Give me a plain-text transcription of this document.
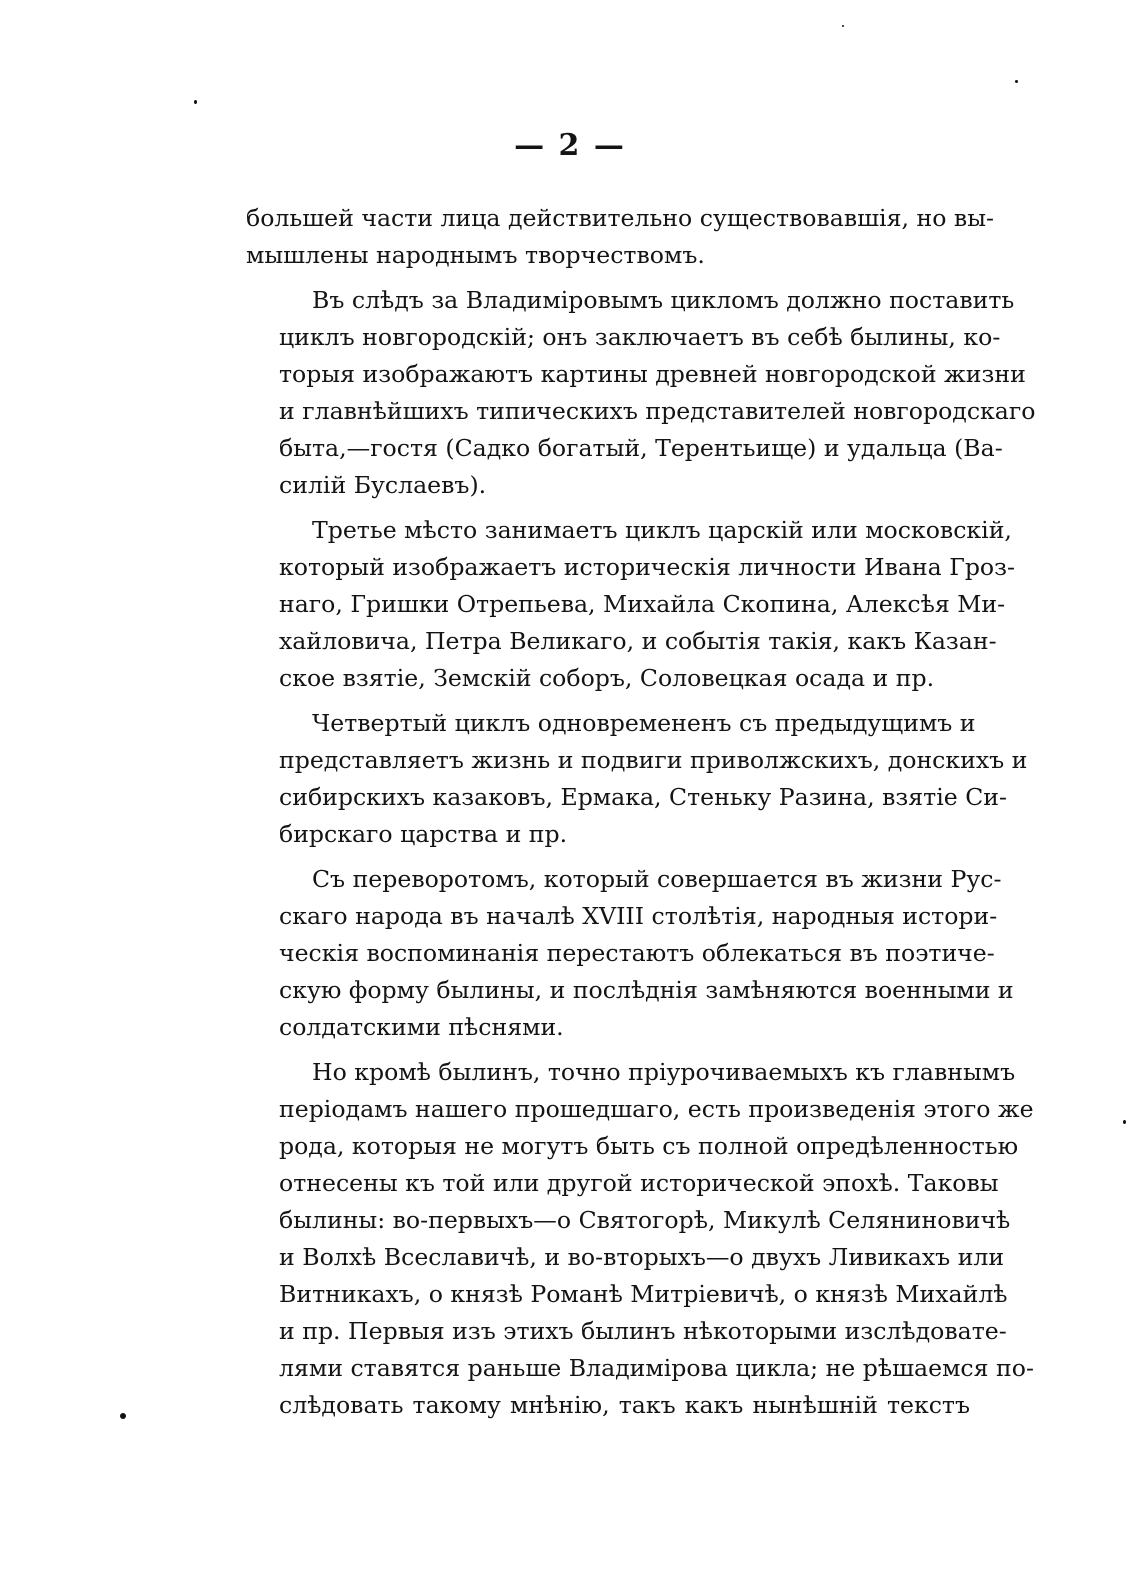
— 2 —

большей части лица действительно существовавшія, но вы-
мышлены народнымъ творчествомъ.

Въ слѣдъ за Владиміровымъ цикломъ должно поставить
циклъ новгородскій; онъ заключаетъ въ себѣ былины, ко-
торыя изображаютъ картины древней новгородской жизни
и главнѣйшихъ типическихъ представителей новгородскаго
быта,—гостя (Садко богатый, Терентьище) и удальца (Ва-
силій Буслаевъ).

Третье мѣсто занимаетъ циклъ царскій или московскій,
который изображаетъ историческія личности Ивана Гроз-
наго, Гришки Отрепьева, Михайла Скопина, Алексѣя Ми-
хайловича, Петра Великаго, и событія такія, какъ Казан-
ское взятіе, Земскій соборъ, Соловецкая осада и пр.

Четвертый циклъ одновремененъ съ предыдущимъ и
представляетъ жизнь и подвиги приволжскихъ, донскихъ и
сибирскихъ казаковъ, Ермака, Стеньку Разина, взятіе Си-
бирскаго царства и пр.

Съ переворотомъ, который совершается въ жизни Рус-
скаго народа въ началѣ XVIII столѣтія, народныя истори-
ческія воспоминанія перестаютъ облекаться въ поэтиче-
скую форму былины, и послѣднія замѣняются военными и
солдатскими пѣснями.

Но кромѣ былинъ, точно пріурочиваемыхъ къ главнымъ
періодамъ нашего прошедшаго, есть произведенія этого же
рода, которыя не могутъ быть съ полной опредѣленностью
отнесены къ той или другой исторической эпохѣ. Таковы
былины: во-первыхъ—о Святогорѣ, Микулѣ Селяниновичѣ
и Волхѣ Всеславичѣ, и во-вторыхъ—о двухъ Ливикахъ или
Витникахъ, о князѣ Романѣ Митріевичѣ, о князѣ Михайлѣ
и пр. Первыя изъ этихъ былинъ нѣкоторыми изслѣдовате-
лями ставятся раньше Владимірова цикла; не рѣшаемся по-
слѣдовать такому мнѣнію, такъ какъ нынѣшній текстъ
